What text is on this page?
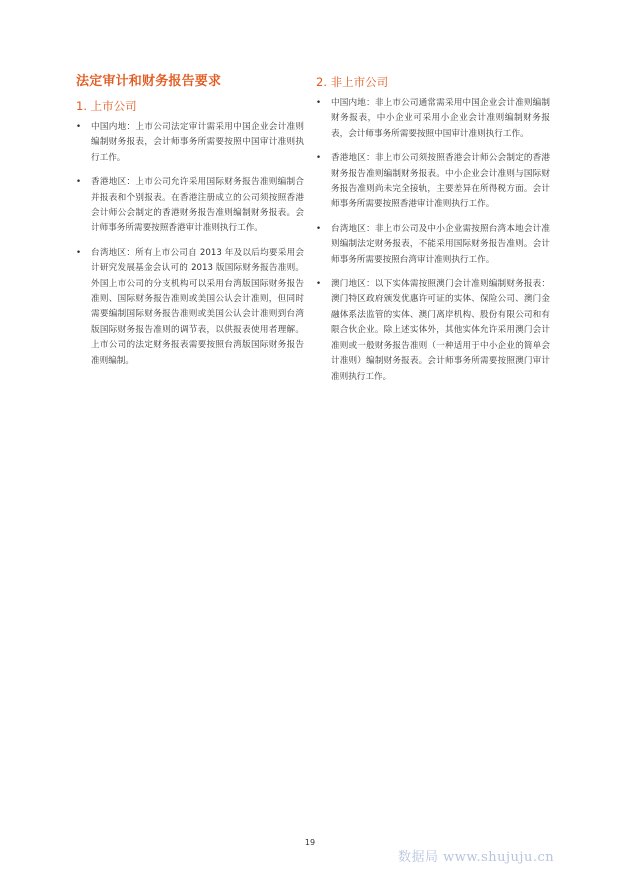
法定审计和财务报告要求
1. 上市公司
• 中国内地：上市公司法定审计需采用中国企业会计准则编制财务报表，会计师事务所需要按照中国审计准则执行工作。
• 香港地区：上市公司允许采用国际财务报告准则编制合并报表和个别报表。在香港注册成立的公司须按照香港会计师公会制定的香港财务报告准则编制财务报表。会计师事务所需要按照香港审计准则执行工作。
• 台湾地区：所有上市公司自 2013 年及以后均要采用会计研究发展基金会认可的 2013 版国际财务报告准则。外国上市公司的分支机构可以采用台湾版国际财务报告准则、国际财务报告准则或美国公认会计准则，但同时需要编制国际财务报告准则或美国公认会计准则到台湾版国际财务报告准则的调节表，以供报表使用者理解。上市公司的法定财务报表需要按照台湾版国际财务报告准则编制。
2. 非上市公司
• 中国内地：非上市公司通常需采用中国企业会计准则编制财务报表，中小企业可采用小企业会计准则编制财务报表，会计师事务所需要按照中国审计准则执行工作。
• 香港地区：非上市公司须按照香港会计师公会制定的香港财务报告准则编制财务报表。中小企业会计准则与国际财务报告准则尚未完全接轨，主要差异在所得税方面。会计师事务所需要按照香港审计准则执行工作。
• 台湾地区：非上市公司及中小企业需按照台湾本地会计准则编制法定财务报表，不能采用国际财务报告准则。会计师事务所需要按照台湾审计准则执行工作。
• 澳门地区：以下实体需按照澳门会计准则编制财务报表：澳门特区政府颁发优惠许可证的实体、保险公司、澳门金融体系法监管的实体、澳门离岸机构、股份有限公司和有限合伙企业。除上述实体外，其他实体允许采用澳门会计准则或一般财务报告准则（一种适用于中小企业的简单会计准则）编制财务报表。会计师事务所需要按照澳门审计准则执行工作。
19
数据局 www.shujuju.cn
